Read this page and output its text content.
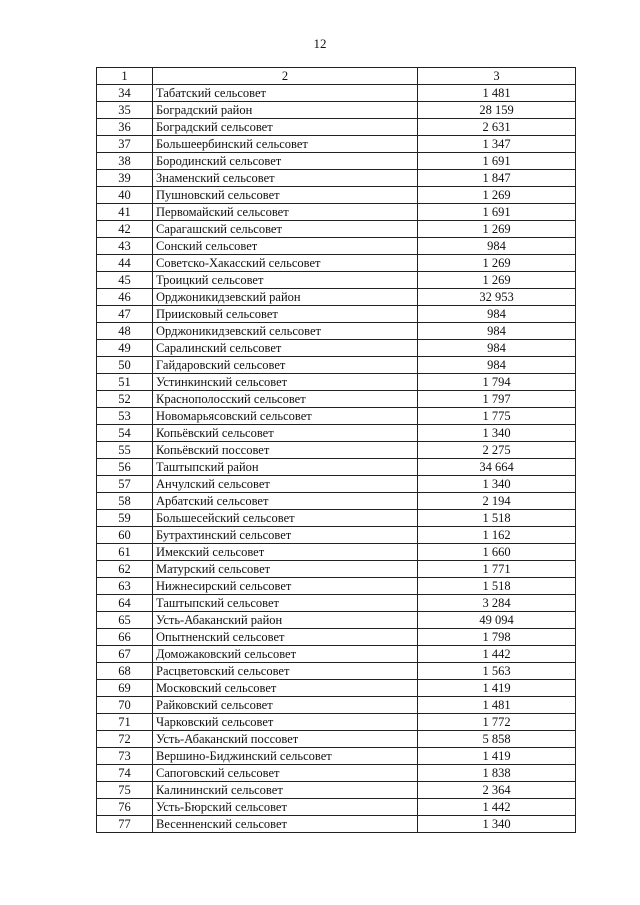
12
1	2	3
34	Табатский сельсовет	1 481
35	Боградский район	28 159
36	Боградский сельсовет	2 631
37	Большеербинский сельсовет	1 347
38	Бородинский сельсовет	1 691
39	Знаменский сельсовет	1 847
40	Пушновский сельсовет	1 269
41	Первомайский сельсовет	1 691
42	Сарагашский сельсовет	1 269
43	Сонский сельсовет	984
44	Советско-Хакасский сельсовет	1 269
45	Троицкий сельсовет	1 269
46	Орджоникидзевский район	32 953
47	Приисковый сельсовет	984
48	Орджоникидзевский сельсовет	984
49	Саралинский сельсовет	984
50	Гайдаровский сельсовет	984
51	Устинкинский сельсовет	1 794
52	Краснополосский сельсовет	1 797
53	Новомарьясовский сельсовет	1 775
54	Копьёвский сельсовет	1 340
55	Копьёвский поссовет	2 275
56	Таштыпский район	34 664
57	Анчулский сельсовет	1 340
58	Арбатский сельсовет	2 194
59	Большесейский сельсовет	1 518
60	Бутрахтинский сельсовет	1 162
61	Имекский сельсовет	1 660
62	Матурский сельсовет	1 771
63	Нижнесирский сельсовет	1 518
64	Таштыпский сельсовет	3 284
65	Усть-Абаканский район	49 094
66	Опытненский сельсовет	1 798
67	Доможаковский сельсовет	1 442
68	Расцветовский сельсовет	1 563
69	Московский сельсовет	1 419
70	Райковский сельсовет	1 481
71	Чарковский сельсовет	1 772
72	Усть-Абаканский поссовет	5 858
73	Вершино-Биджинский сельсовет	1 419
74	Сапоговский сельсовет	1 838
75	Калининский сельсовет	2 364
76	Усть-Бюрский сельсовет	1 442
77	Весенненский сельсовет	1 340
